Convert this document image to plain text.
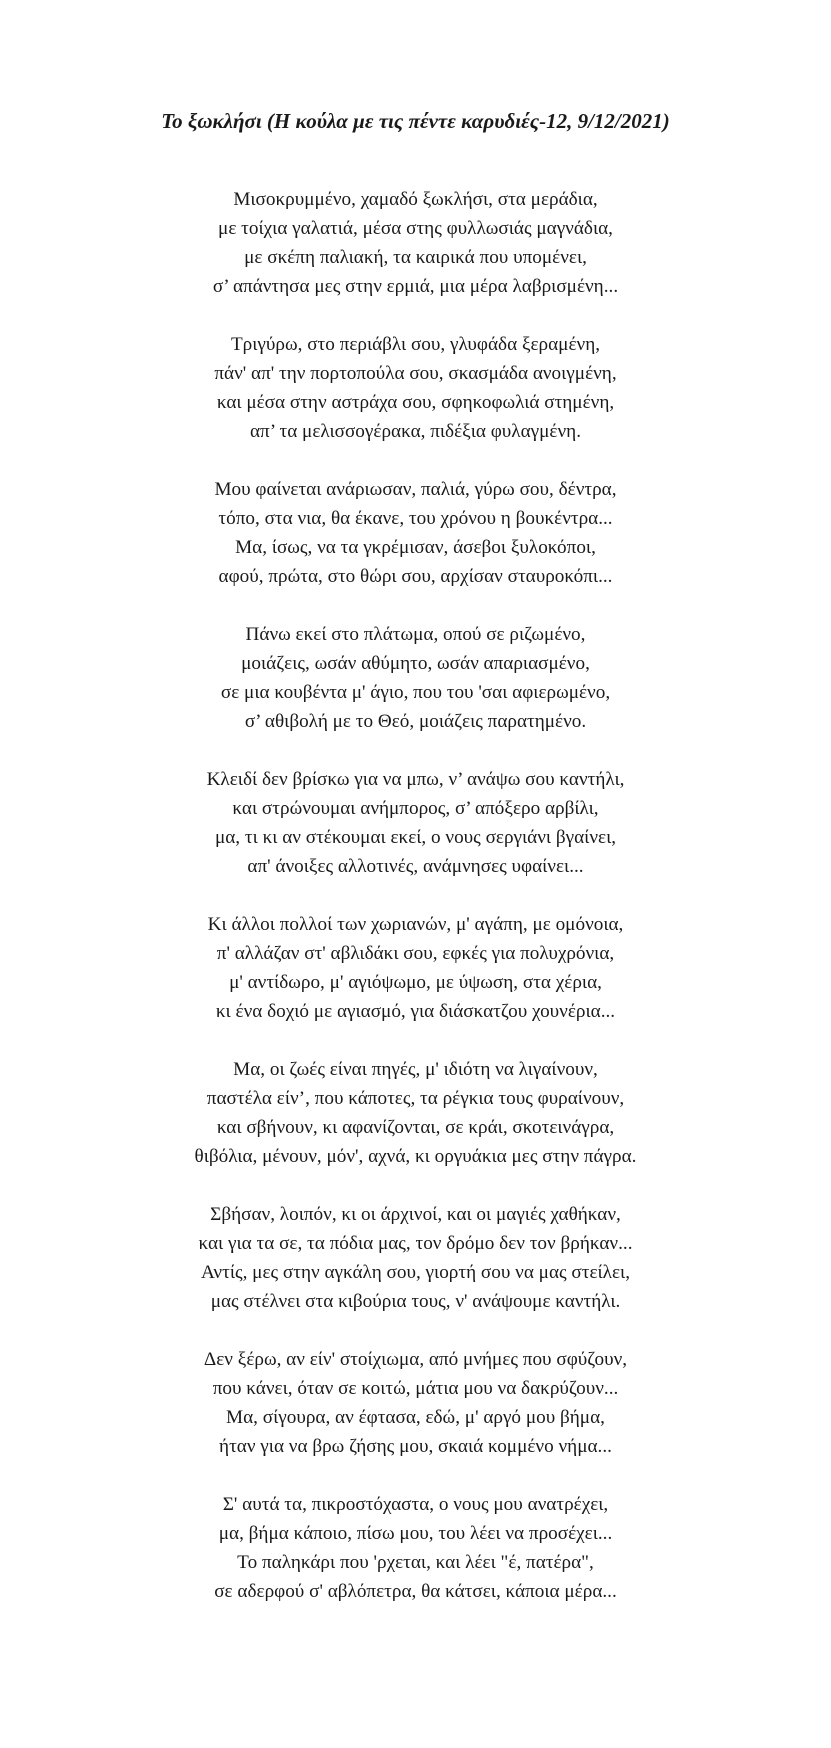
Το ξωκλήσι (Η κούλα με τις πέντε καρυδιές-12, 9/12/2021)
Μισοκρυμμένο, χαμαδό ξωκλήσι, στα μεράδια,
με τοίχια γαλατιά, μέσα στης φυλλωσιάς μαγνάδια,
με σκέπη παλιακή, τα καιρικά που υπομένει,
σ’ απάντησα μες στην ερμιά, μια μέρα λαβρισμένη...
Τριγύρω, στο περιάβλι σου, γλυφάδα ξεραμένη,
πάν' απ' την πορτοπούλα σου, σκασμάδα ανοιγμένη,
και μέσα στην αστράχα σου, σφηκοφωλιά στημένη,
απ’ τα μελισσογέρακα, πιδέξια φυλαγμένη.
Μου φαίνεται ανάριωσαν, παλιά, γύρω σου, δέντρα,
τόπο, στα νια, θα έκανε, του χρόνου η βουκέντρα...
Μα, ίσως, να τα γκρέμισαν, άσεβοι ξυλοκόποι,
αφού, πρώτα, στο θώρι σου, αρχίσαν σταυροκόπι...
Πάνω εκεί στο πλάτωμα, οπού σε ριζωμένο,
μοιάζεις, ωσάν αθύμητο, ωσάν απαριασμένο,
σε μια κουβέντα μ' άγιο, που του 'σαι αφιερωμένο,
σ’ αθιβολή με το Θεό, μοιάζεις παρατημένο.
Κλειδί δεν βρίσκω για να μπω, ν’ ανάψω σου καντήλι,
και στρώνουμαι ανήμπορος, σ’ απόξερο αρβίλι,
μα, τι κι αν στέκουμαι εκεί, ο νους σεργιάνι βγαίνει,
απ' άνοιξες αλλοτινές, ανάμνησες υφαίνει...
Κι άλλοι πολλοί των χωριανών, μ' αγάπη, με ομόνοια,
π' αλλάζαν στ' αβλιδάκι σου, εφκές για πολυχρόνια,
μ' αντίδωρο, μ' αγιόψωμο, με ύψωση, στα χέρια,
κι ένα δοχιό με αγιασμό, για διάσκατζου χουνέρια...
Μα, οι ζωές είναι πηγές, μ' ιδιότη να λιγαίνουν,
παστέλα είν’, που κάποτες, τα ρέγκια τους φυραίνουν,
και σβήνουν, κι αφανίζονται, σε κράι, σκοτεινάγρα,
θιβόλια, μένουν, μόν', αχνά, κι οργυάκια μες στην πάγρα.
Σβήσαν, λοιπόν, κι οι άρχινοί, και οι μαγιές χαθήκαν,
και για τα σε, τα πόδια μας, τον δρόμο δεν τον βρήκαν...
Αντίς, μες στην αγκάλη σου, γιορτή σου να μας στείλει,
μας στέλνει στα κιβούρια τους, ν' ανάψουμε καντήλι.
Δεν ξέρω, αν είν' στοίχιωμα, από μνήμες που σφύζουν,
που κάνει, όταν σε κοιτώ, μάτια μου να δακρύζουν...
Μα, σίγουρα, αν έφτασα, εδώ, μ' αργό μου βήμα,
ήταν για να βρω ζήσης μου, σκαιά κομμένο νήμα...
Σ' αυτά τα, πικροστόχαστα, ο νους μου ανατρέχει,
μα, βήμα κάποιο, πίσω μου, του λέει να προσέχει...
Το παληκάρι που 'ρχεται, και λέει "έ, πατέρα",
σε αδερφού σ' αβλόπετρα, θα κάτσει, κάποια μέρα...
